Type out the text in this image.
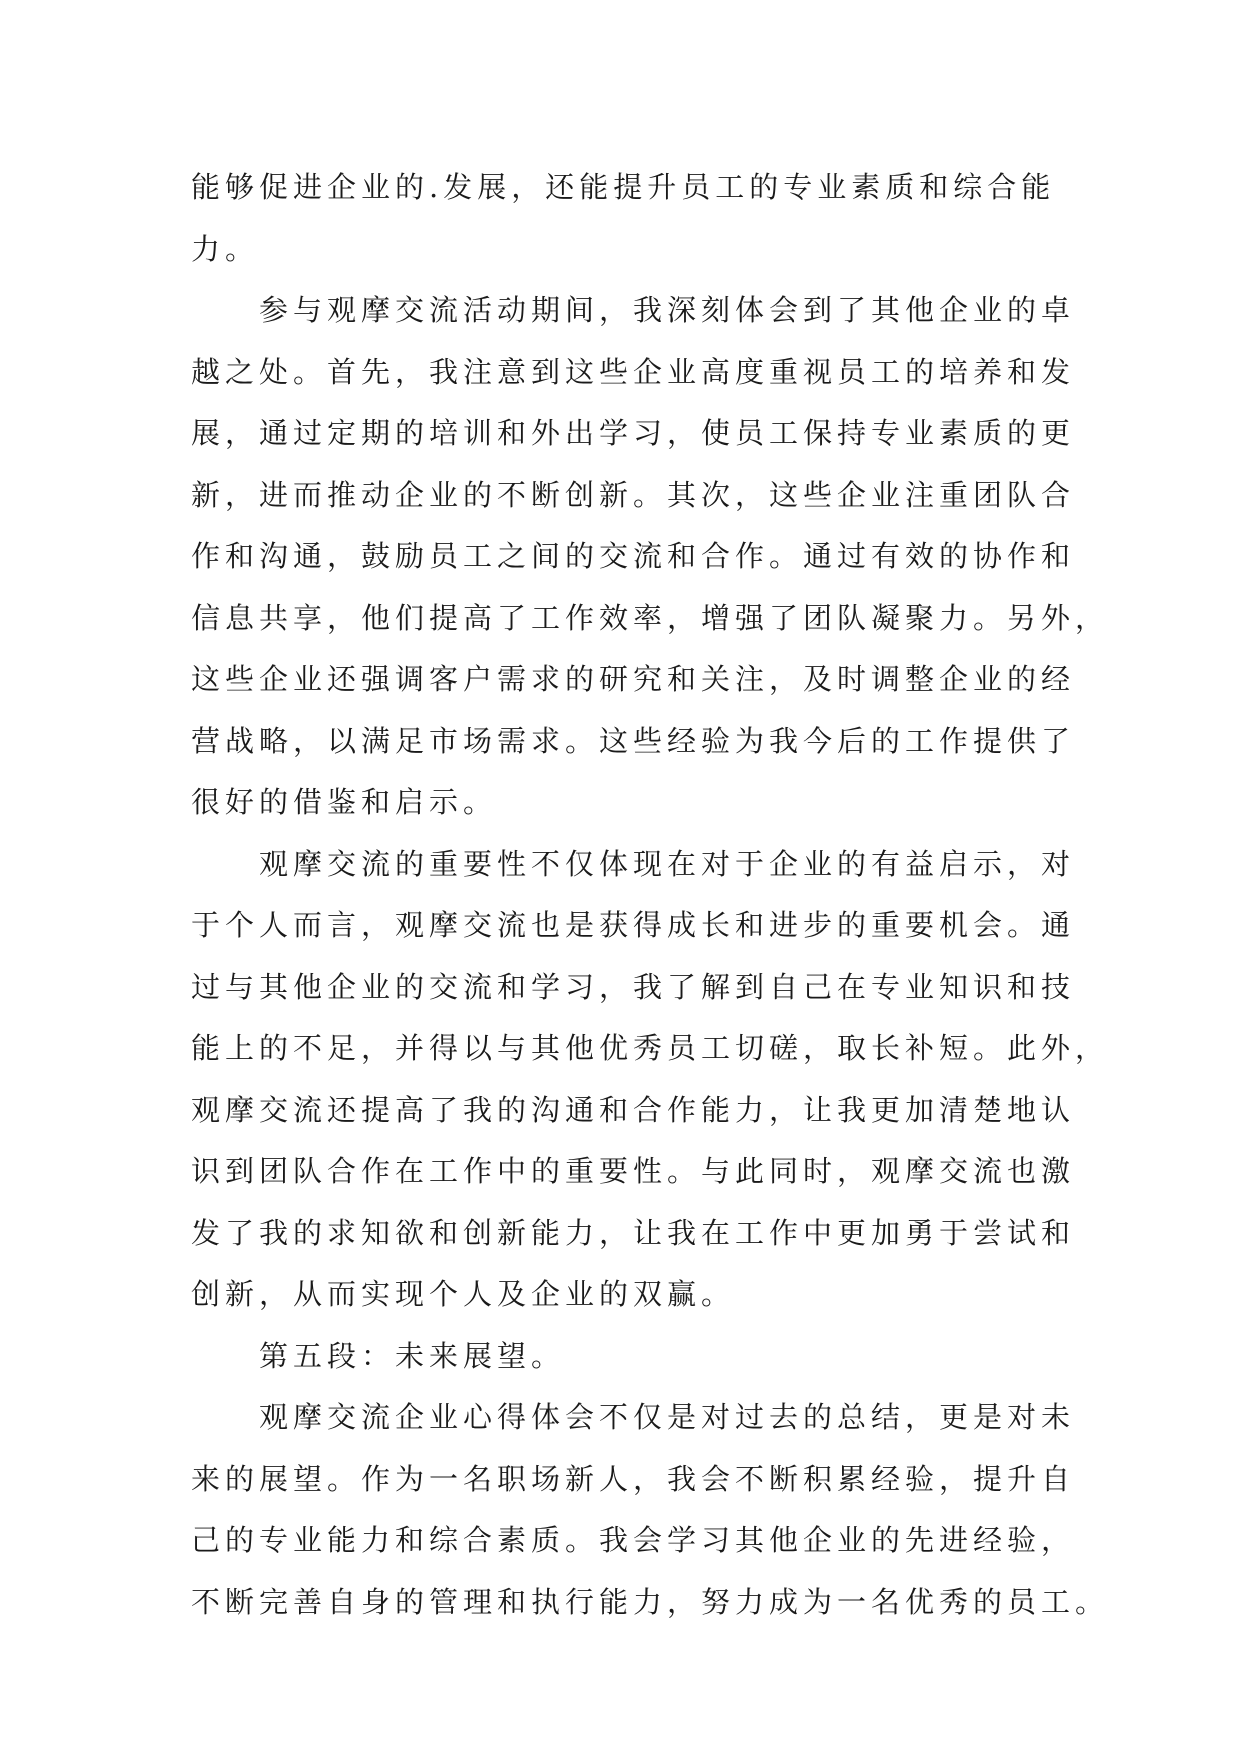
能够促进企业的.发展，还能提升员工的专业素质和综合能
力。
参与观摩交流活动期间，我深刻体会到了其他企业的卓
越之处。首先，我注意到这些企业高度重视员工的培养和发
展，通过定期的培训和外出学习，使员工保持专业素质的更
新，进而推动企业的不断创新。其次，这些企业注重团队合
作和沟通，鼓励员工之间的交流和合作。通过有效的协作和
信息共享，他们提高了工作效率，增强了团队凝聚力。另外，
这些企业还强调客户需求的研究和关注，及时调整企业的经
营战略，以满足市场需求。这些经验为我今后的工作提供了
很好的借鉴和启示。
观摩交流的重要性不仅体现在对于企业的有益启示，对
于个人而言，观摩交流也是获得成长和进步的重要机会。通
过与其他企业的交流和学习，我了解到自己在专业知识和技
能上的不足，并得以与其他优秀员工切磋，取长补短。此外，
观摩交流还提高了我的沟通和合作能力，让我更加清楚地认
识到团队合作在工作中的重要性。与此同时，观摩交流也激
发了我的求知欲和创新能力，让我在工作中更加勇于尝试和
创新，从而实现个人及企业的双赢。
第五段：未来展望。
观摩交流企业心得体会不仅是对过去的总结，更是对未
来的展望。作为一名职场新人，我会不断积累经验，提升自
己的专业能力和综合素质。我会学习其他企业的先进经验，
不断完善自身的管理和执行能力，努力成为一名优秀的员工。
